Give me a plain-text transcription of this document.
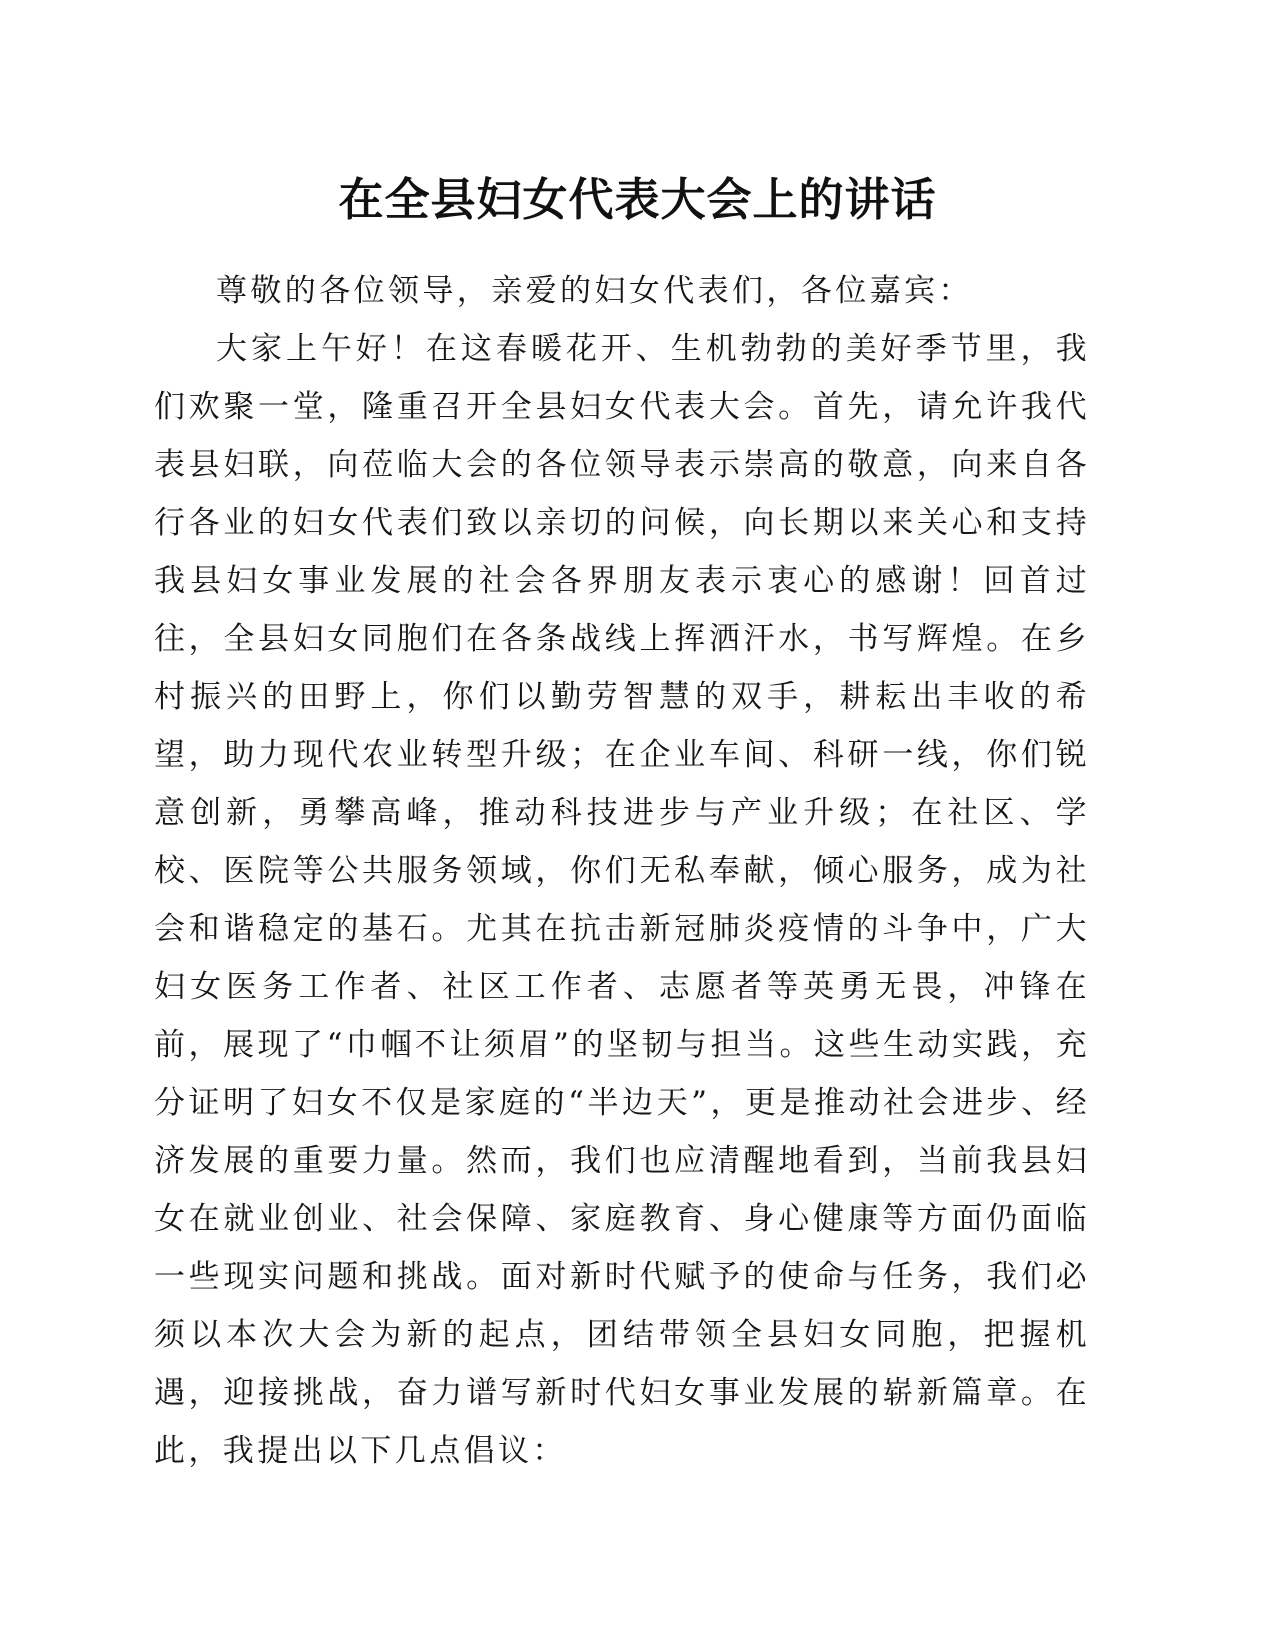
在全县妇女代表大会上的讲话

尊敬的各位领导，亲爱的妇女代表们，各位嘉宾：

大家上午好！在这春暖花开、生机勃勃的美好季节里，我们欢聚一堂，隆重召开全县妇女代表大会。首先，请允许我代表县妇联，向莅临大会的各位领导表示崇高的敬意，向来自各行各业的妇女代表们致以亲切的问候，向长期以来关心和支持我县妇女事业发展的社会各界朋友表示衷心的感谢！回首过往，全县妇女同胞们在各条战线上挥洒汗水，书写辉煌。在乡村振兴的田野上，你们以勤劳智慧的双手，耕耘出丰收的希望，助力现代农业转型升级；在企业车间、科研一线，你们锐意创新，勇攀高峰，推动科技进步与产业升级；在社区、学校、医院等公共服务领域，你们无私奉献，倾心服务，成为社会和谐稳定的基石。尤其在抗击新冠肺炎疫情的斗争中，广大妇女医务工作者、社区工作者、志愿者等英勇无畏，冲锋在前，展现了“巾帼不让须眉”的坚韧与担当。这些生动实践，充分证明了妇女不仅是家庭的“半边天”，更是推动社会进步、经济发展的重要力量。然而，我们也应清醒地看到，当前我县妇女在就业创业、社会保障、家庭教育、身心健康等方面仍面临一些现实问题和挑战。面对新时代赋予的使命与任务，我们必须以本次大会为新的起点，团结带领全县妇女同胞，把握机遇，迎接挑战，奋力谱写新时代妇女事业发展的崭新篇章。在此，我提出以下几点倡议：
